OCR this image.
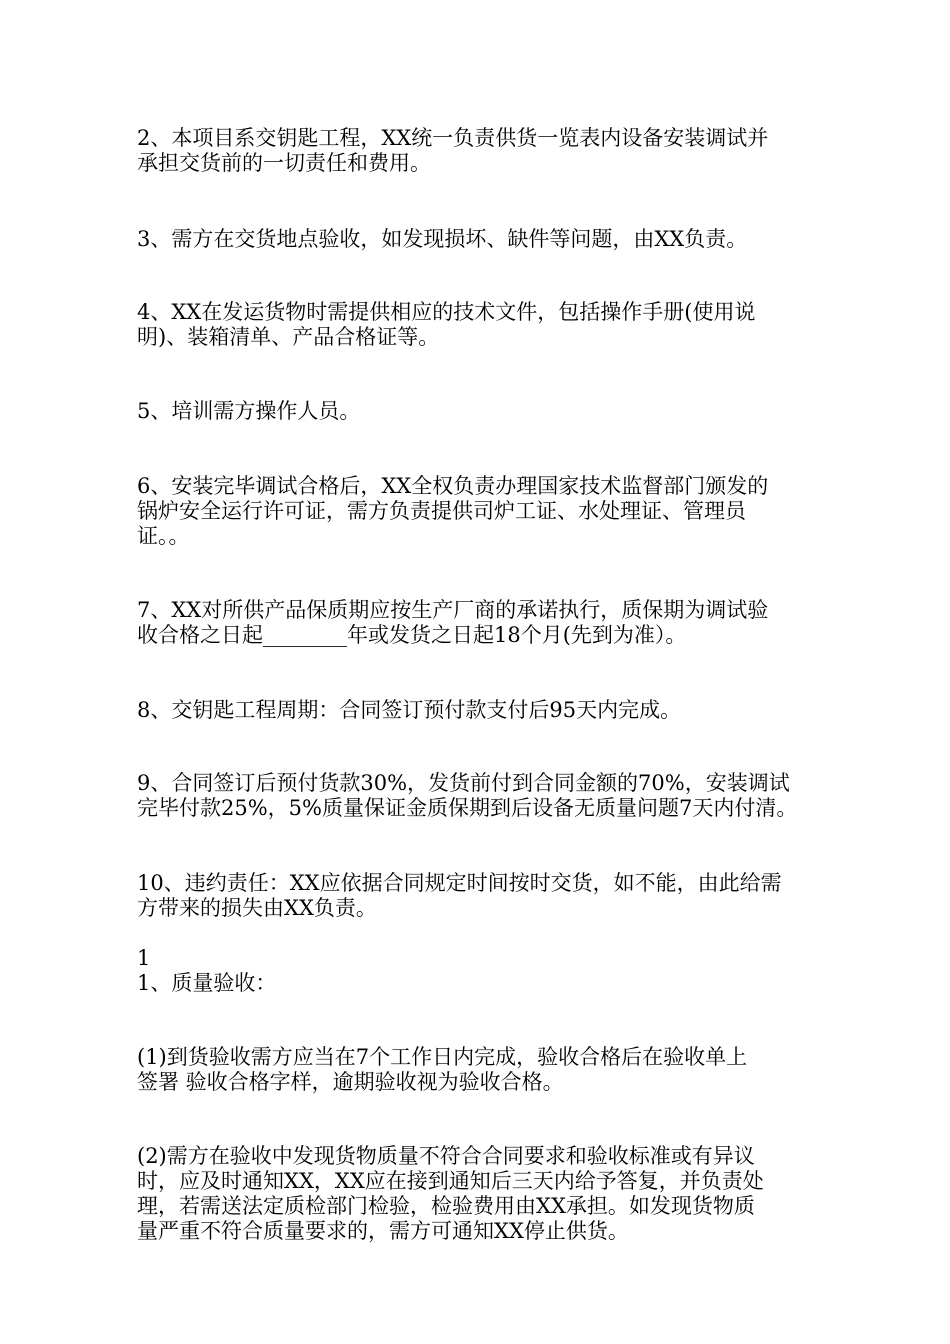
2、本项目系交钥匙工程，XX统一负责供货一览表内设备安装调试并
承担交货前的一切责任和费用。

3、需方在交货地点验收，如发现损坏、缺件等问题，由XX负责。

4、XX在发运货物时需提供相应的技术文件，包括操作手册(使用说
明)、装箱清单、产品合格证等。

5、培训需方操作人员。

6、安装完毕调试合格后，XX全权负责办理国家技术监督部门颁发的
锅炉安全运行许可证，需方负责提供司炉工证、水处理证、管理员
证。。

7、XX对所供产品保质期应按生产厂商的承诺执行，质保期为调试验
收合格之日起________年或发货之日起18个月(先到为准）。

8、交钥匙工程周期：合同签订预付款支付后95天内完成。

9、合同签订后预付货款30%，发货前付到合同金额的70%，安装调试
完毕付款25%，5%质量保证金质保期到后设备无质量问题7天内付清。

10、违约责任：XX应依据合同规定时间按时交货，如不能，由此给需
方带来的损失由XX负责。

1
1、质量验收：

(1)到货验收需方应当在7个工作日内完成，验收合格后在验收单上
签署 验收合格字样，逾期验收视为验收合格。

(2)需方在验收中发现货物质量不符合合同要求和验收标准或有异议
时，应及时通知XX，XX应在接到通知后三天内给予答复，并负责处
理，若需送法定质检部门检验，检验费用由XX承担。如发现货物质
量严重不符合质量要求的，需方可通知XX停止供货。
